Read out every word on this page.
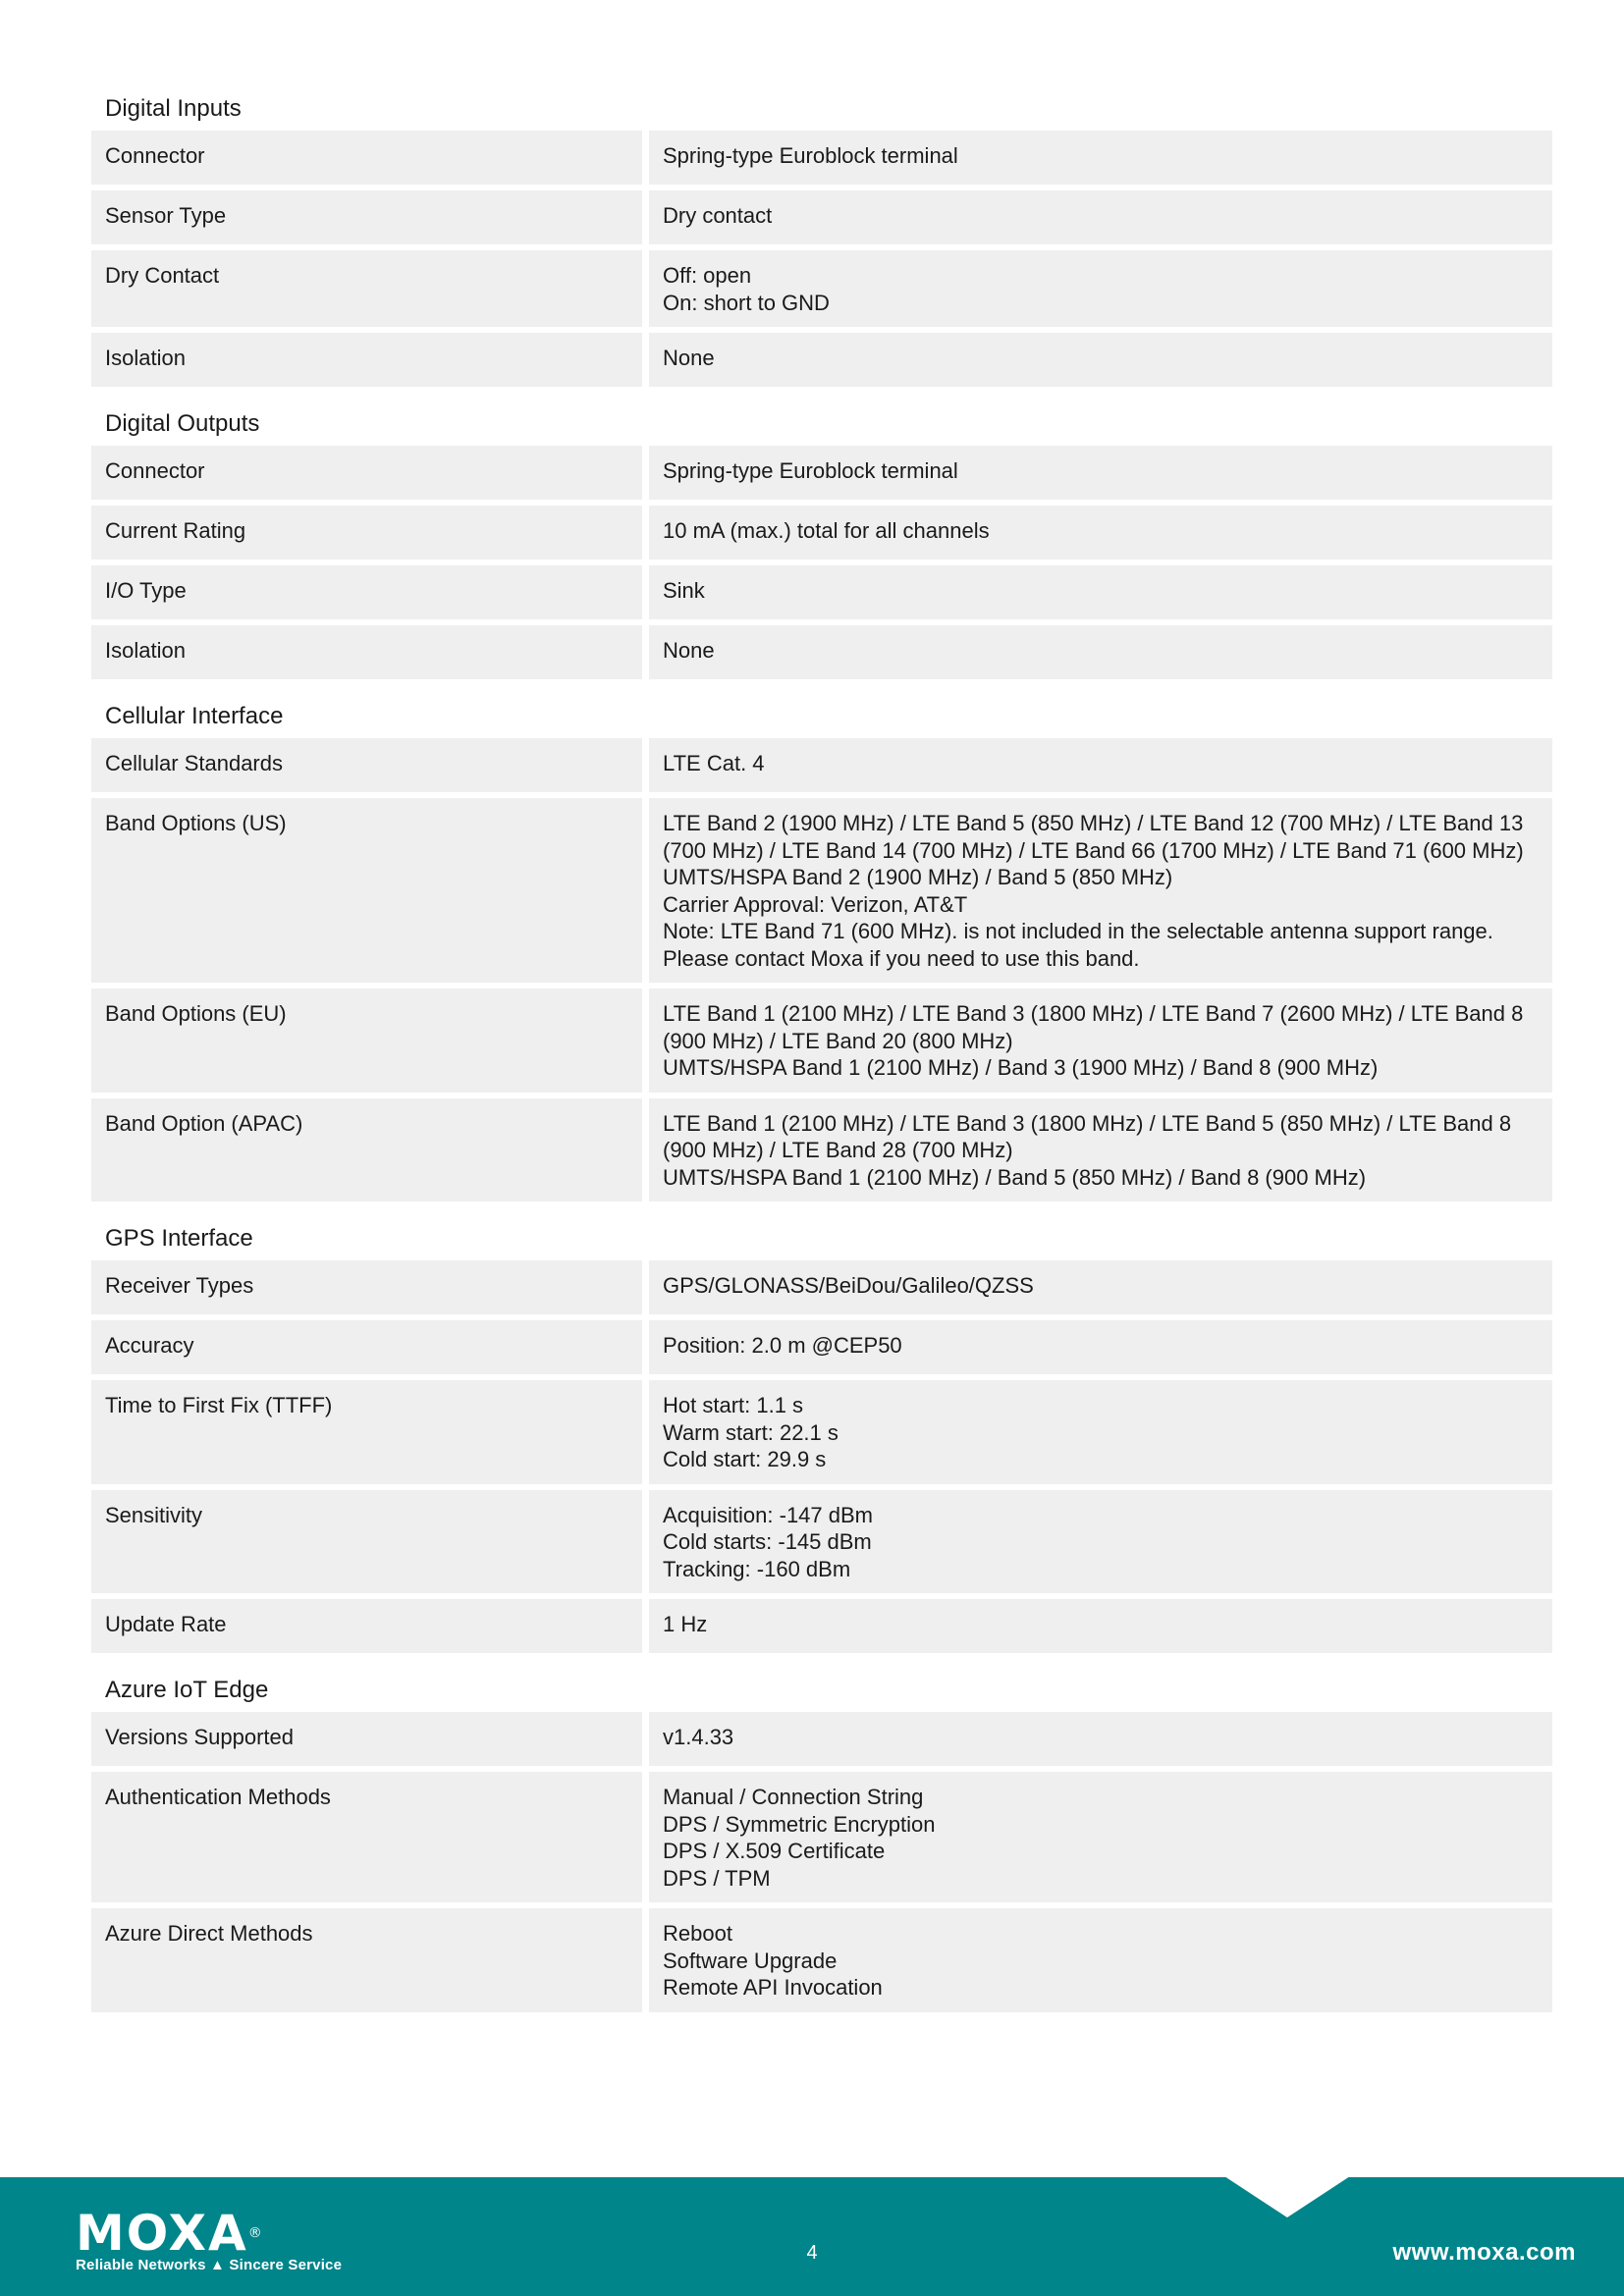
Digital Inputs
Connector	Spring-type Euroblock terminal
Sensor Type	Dry contact
Dry Contact	Off: open
On: short to GND
Isolation	None
Digital Outputs
Connector	Spring-type Euroblock terminal
Current Rating	10 mA (max.) total for all channels
I/O Type	Sink
Isolation	None
Cellular Interface
Cellular Standards	LTE Cat. 4
Band Options (US)	LTE Band 2 (1900 MHz) / LTE Band 5 (850 MHz) / LTE Band 12 (700 MHz) / LTE Band 13
(700 MHz) / LTE Band 14 (700 MHz) / LTE Band 66 (1700 MHz) / LTE Band 71 (600 MHz)
UMTS/HSPA Band 2 (1900 MHz) / Band 5 (850 MHz)
Carrier Approval: Verizon, AT&T
Note: LTE Band 71 (600 MHz). is not included in the selectable antenna support range.
Please contact Moxa if you need to use this band.
Band Options (EU)	LTE Band 1 (2100 MHz) / LTE Band 3 (1800 MHz) / LTE Band 7 (2600 MHz) / LTE Band 8
(900 MHz) / LTE Band 20 (800 MHz)
UMTS/HSPA Band 1 (2100 MHz) / Band 3 (1900 MHz) / Band 8 (900 MHz)
Band Option (APAC)	LTE Band 1 (2100 MHz) / LTE Band 3 (1800 MHz) / LTE Band 5 (850 MHz) / LTE Band 8
(900 MHz) / LTE Band 28 (700 MHz)
UMTS/HSPA Band 1 (2100 MHz) / Band 5 (850 MHz) / Band 8 (900 MHz)
GPS Interface
Receiver Types	GPS/GLONASS/BeiDou/Galileo/QZSS
Accuracy	Position: 2.0 m @CEP50
Time to First Fix (TTFF)	Hot start: 1.1 s
Warm start: 22.1 s
Cold start: 29.9 s
Sensitivity	Acquisition: -147 dBm
Cold starts: -145 dBm
Tracking: -160 dBm
Update Rate	1 Hz
Azure IoT Edge
Versions Supported	v1.4.33
Authentication Methods	Manual / Connection String
DPS / Symmetric Encryption
DPS / X.509 Certificate
DPS / TPM
Azure Direct Methods	Reboot
Software Upgrade
Remote API Invocation
MOXA®
Reliable Networks ▲ Sincere Service
4	www.moxa.com
